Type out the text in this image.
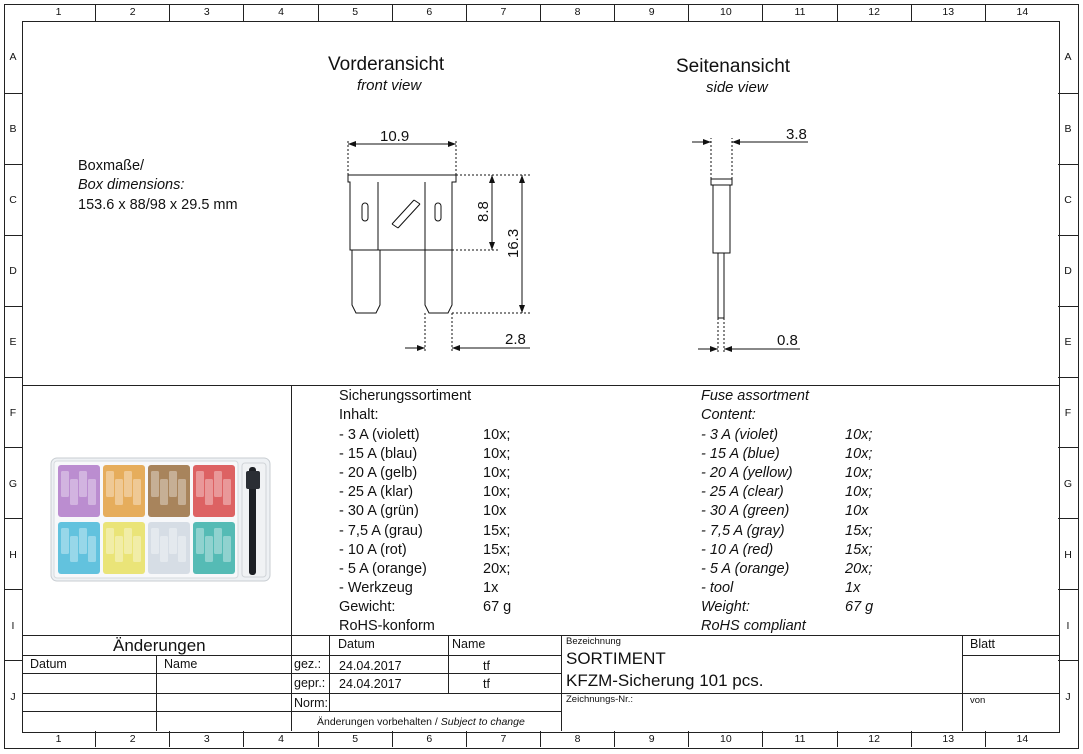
1	2	3	4	5	6	7	8	9	10	11	12	13	14
1	2	3	4	5	6	7	8	9	10	11	12	13	14
A
B
C
D
E
F
G
H
I
J
A
B
C
D
E
F
G
H
I
J
10.9
8.8
16.3
2.8
3.8
0.8
Vorderansicht
front view
Seitenansicht
side view
Boxmaße/
Box dimensions:
153.6 x 88/98 x 29.5 mm
Sicherungssortiment
Inhalt:
- 3 A (violett)	10x;
- 15 A (blau)	10x;
- 20 A (gelb)	10x;
- 25 A (klar)	10x;
- 30 A (grün)	10x
- 7,5 A (grau)	15x;
- 10 A (rot)	15x;
- 5 A (orange)	20x;
- Werkzeug	1x
Gewicht:	67 g
RoHS-konform
Fuse assortment
Content:
- 3 A (violet)	10x;
- 15 A (blue)	10x;
- 20 A (yellow)	10x;
- 25 A (clear)	10x;
- 30 A (green)	10x
- 7,5 A (gray)	15x;
- 10 A (red)	15x;
- 5 A (orange)	20x;
- tool	1x
Weight:	67 g
RoHS compliant
Änderungen
Datum	Name
Datum	Name
gez.: 24.04.2017	tf
gepr.: 24.04.2017	tf
Norm:
Änderungen vorbehalten / Subject to change
Bezeichnung
SORTIMENT
KFZM-Sicherung 101 pcs.
Zeichnungs-Nr.:
Blatt
von
